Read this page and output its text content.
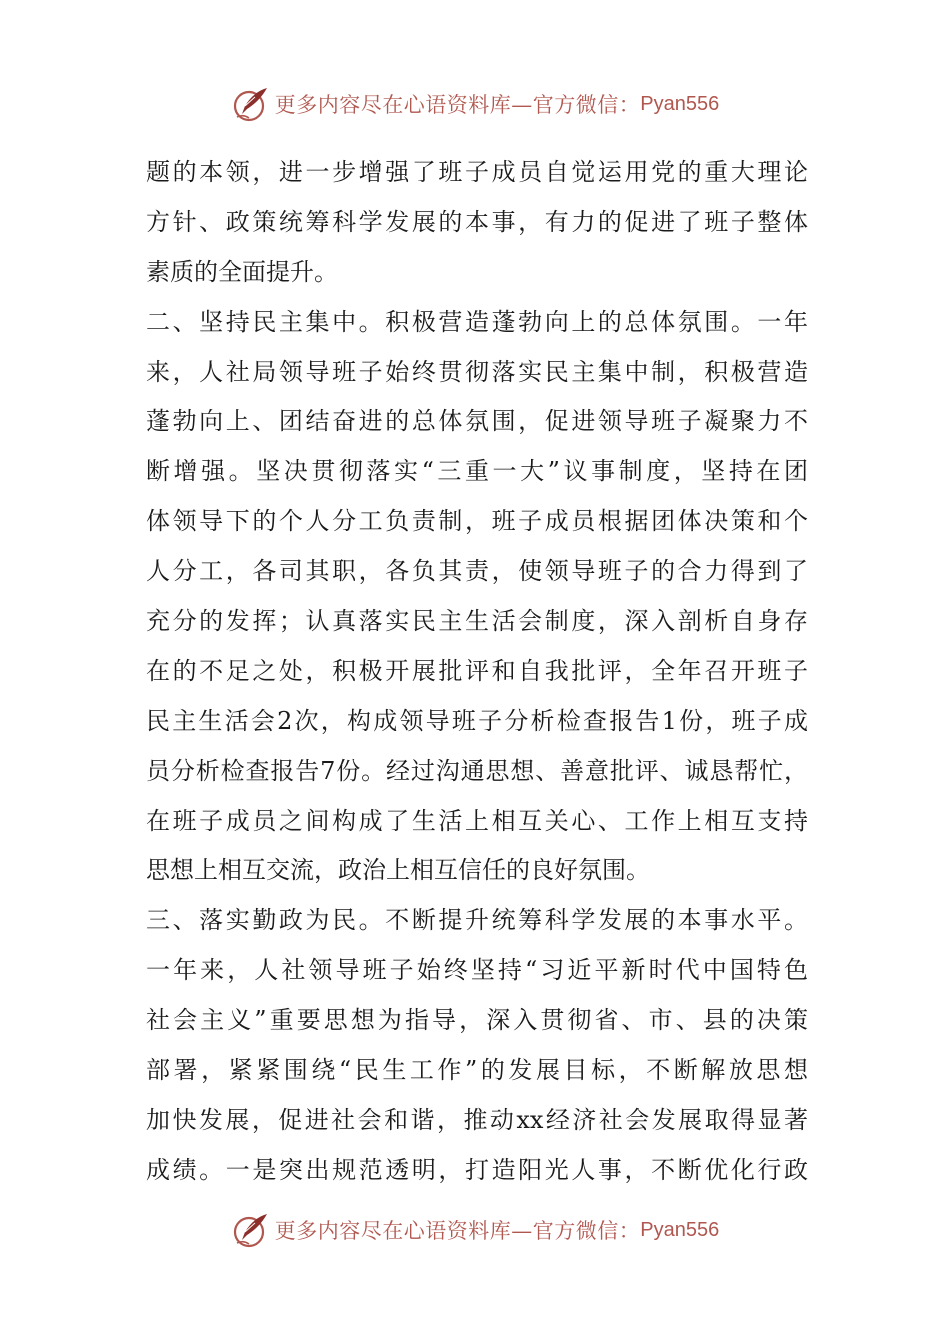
更多内容尽在心语资料库—官方微信： Pyan556
题的本领，进一步增强了班子成员自觉运用党的重大理论
方针、政策统筹科学发展的本事，有力的促进了班子整体
素质的全面提升。
二、坚持民主集中。积极营造蓬勃向上的总体氛围。一年
来，人社局领导班子始终贯彻落实民主集中制，积极营造
蓬勃向上、团结奋进的总体氛围，促进领导班子凝聚力不
断增强。坚决贯彻落实“三重一大”议事制度，坚持在团
体领导下的个人分工负责制，班子成员根据团体决策和个
人分工，各司其职，各负其责，使领导班子的合力得到了
充分的发挥；认真落实民主生活会制度，深入剖析自身存
在的不足之处，积极开展批评和自我批评，全年召开班子
民主生活会2次，构成领导班子分析检查报告1份，班子成
员分析检查报告7份。经过沟通思想、善意批评、诚恳帮忙，
在班子成员之间构成了生活上相互关心、工作上相互支持
思想上相互交流，政治上相互信任的良好氛围。
三、落实勤政为民。不断提升统筹科学发展的本事水平。
一年来，人社领导班子始终坚持“习近平新时代中国特色
社会主义”重要思想为指导，深入贯彻省、市、县的决策
部署，紧紧围绕“民生工作”的发展目标，不断解放思想
加快发展，促进社会和谐，推动xx经济社会发展取得显著
成绩。一是突出规范透明，打造阳光人事，不断优化行政
更多内容尽在心语资料库—官方微信： Pyan556
